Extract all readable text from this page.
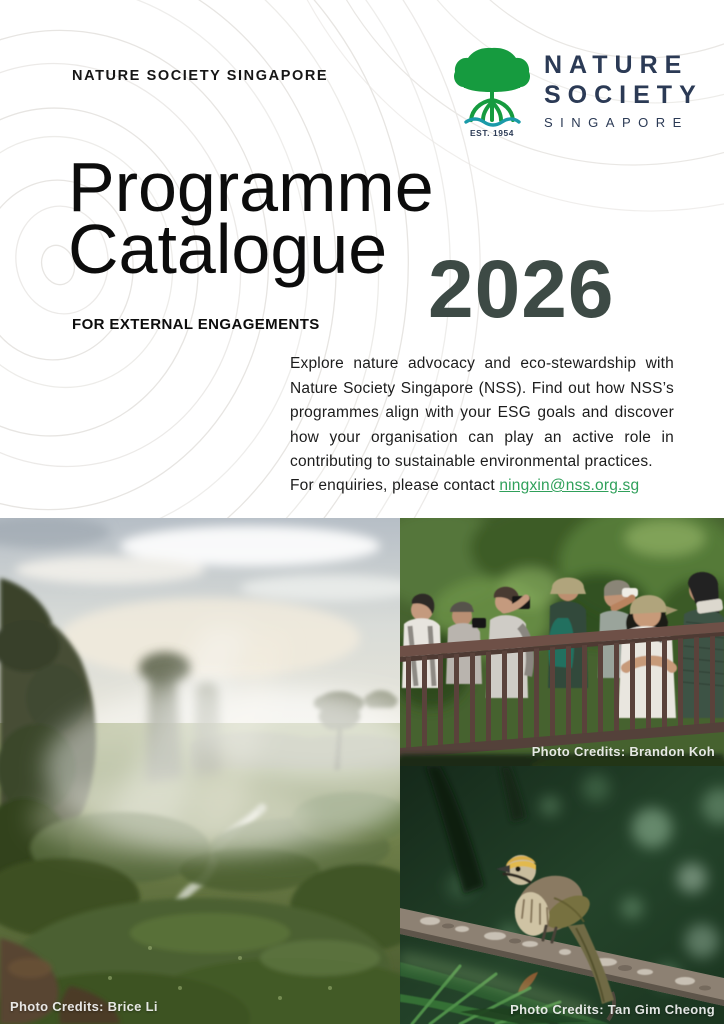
NATURE SOCIETY SINGAPORE
EST. 1954
NATURE
SOCIETY
SINGAPORE
Programme
Catalogue 2026
FOR EXTERNAL ENGAGEMENTS
Explore nature advocacy and eco-stewardship with Nature Society Singapore (NSS). Find out how NSS’s programmes align with your ESG goals and discover how your organisation can play an active role in contributing to sustainable environmental practices.
For enquiries, please contact ningxin@nss.org.sg
Photo Credits: Brice Li
Photo Credits: Brandon Koh
Photo Credits: Tan Gim Cheong
